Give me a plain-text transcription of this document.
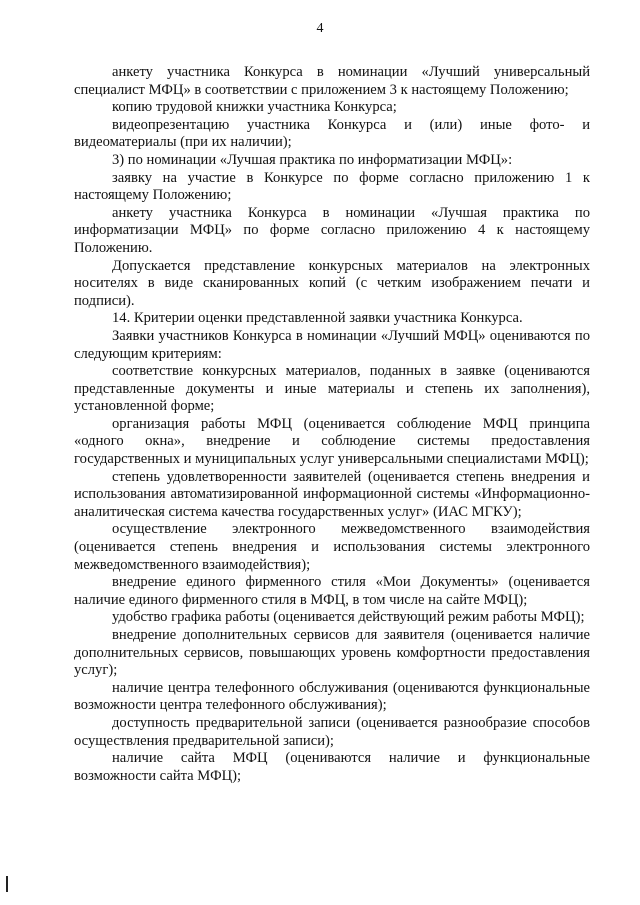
4

анкету участника Конкурса в номинации «Лучший универсальный специалист МФЦ» в соответствии с приложением 3 к настоящему Положению;

копию трудовой книжки участника Конкурса;

видеопрезентацию участника Конкурса и (или) иные фото- и видеоматериалы (при их наличии);

3) по номинации «Лучшая практика по информатизации МФЦ»:

заявку на участие в Конкурсе по форме согласно приложению 1 к настоящему Положению;

анкету участника Конкурса в номинации «Лучшая практика по информатизации МФЦ» по форме согласно приложению 4 к настоящему Положению.

Допускается представление конкурсных материалов на электронных носителях в виде сканированных копий (с четким изображением печати и подписи).

14. Критерии оценки представленной заявки участника Конкурса.

Заявки участников Конкурса в номинации «Лучший МФЦ» оцениваются по следующим критериям:

соответствие конкурсных материалов, поданных в заявке (оцениваются представленные документы и иные материалы и степень их заполнения), установленной форме;

организация работы МФЦ (оценивается соблюдение МФЦ принципа «одного окна», внедрение и соблюдение системы предоставления государственных и муниципальных услуг универсальными специалистами МФЦ);

степень удовлетворенности заявителей (оценивается степень внедрения и использования автоматизированной информационной системы «Информационно-аналитическая система качества государственных услуг» (ИАС МГКУ);

осуществление электронного межведомственного взаимодействия (оценивается степень внедрения и использования системы электронного межведомственного взаимодействия);

внедрение единого фирменного стиля «Мои Документы» (оценивается наличие единого фирменного стиля в МФЦ, в том числе на сайте МФЦ);

удобство графика работы (оценивается действующий режим работы МФЦ);

внедрение дополнительных сервисов для заявителя (оценивается наличие дополнительных сервисов, повышающих уровень комфортности предоставления услуг);

наличие центра телефонного обслуживания (оцениваются функциональные возможности центра телефонного обслуживания);

доступность предварительной записи (оценивается разнообразие способов осуществления предварительной записи);

наличие сайта МФЦ (оцениваются наличие и функциональные возможности сайта МФЦ);
